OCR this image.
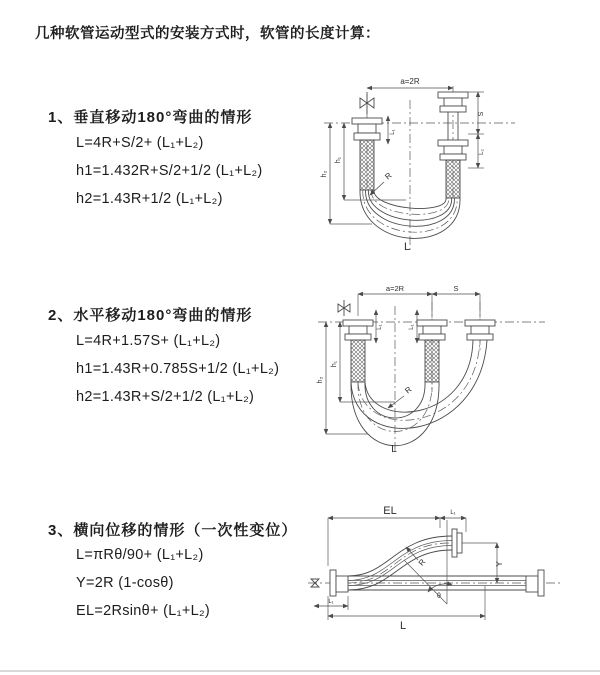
几种软管运动型式的安装方式时，软管的长度计算：
1、垂直移动180°弯曲的情形
L=4R+S/2+ (L₁+L₂)
h1=1.432R+S/2+1/2 (L₁+L₂)
h2=1.43R+1/2 (L₁+L₂)
2、水平移动180°弯曲的情形
L=4R+1.57S+ (L₁+L₂)
h1=1.43R+0.785S+1/2 (L₁+L₂)
h2=1.43R+S/2+1/2 (L₁+L₂)
3、横向位移的情形（一次性变位）
L=πRθ/90+ (L₁+L₂)
Y=2R (1-cosθ)
EL=2Rsinθ+ (L₁+L₂)
a=2R
L₁
h₁
h₂
S
L₂
R
L
a=2R	S
L₁	L₁
h₁
h₂
R
L
EL	L₁
Y
θ
R
L₁
L
